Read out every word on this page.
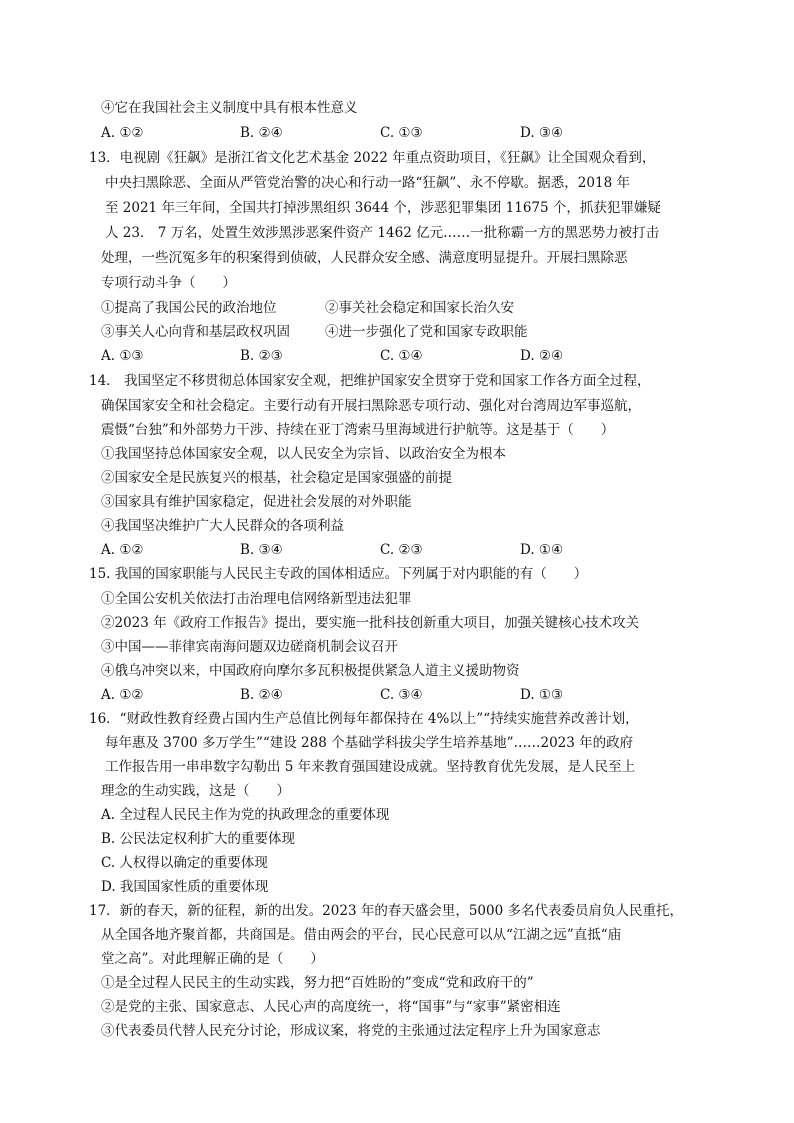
④它在我国社会主义制度中具有根本性意义
A. ①②	B. ②④	C. ①③	D. ③④
13．电视剧《狂飙》是浙江省文化艺术基金 2022 年重点资助项目，《狂飙》让全国观众看到，
中央扫黑除恶、全面从严管党治警的决心和行动一路“狂飙”、永不停歇。据悉，2018 年
至 2021 年三年间，全国共打掉涉黑组织 3644 个，涉恶犯罪集团 11675 个，抓获犯罪嫌疑
人 23． 7 万名，处置生效涉黑涉恶案件资产 1462 亿元……一批称霸一方的黑恶势力被打击
处理，一些沉冤多年的积案得到侦破，人民群众安全感、满意度明显提升。开展扫黑除恶
专项行动斗争（　　）
①提高了我国公民的政治地位	②事关社会稳定和国家长治久安
③事关人心向背和基层政权巩固	④进一步强化了党和国家专政职能
A. ①③	B. ②③	C. ①④	D. ②④
14． 我国坚定不移贯彻总体国家安全观，把维护国家安全贯穿于党和国家工作各方面全过程，
确保国家安全和社会稳定。主要行动有开展扫黑除恶专项行动、强化对台湾周边军事巡航，
震慑“台独”和外部势力干涉、持续在亚丁湾索马里海域进行护航等。这是基于（　　）
①我国坚持总体国家安全观，以人民安全为宗旨、以政治安全为根本
②国家安全是民族复兴的根基，社会稳定是国家强盛的前提
③国家具有维护国家稳定，促进社会发展的对外职能
④我国坚决维护广大人民群众的各项利益
A. ①②	B. ③④	C. ②③	D. ①④
15. 我国的国家职能与人民民主专政的国体相适应。下列属于对内职能的有（　　）
①全国公安机关依法打击治理电信网络新型违法犯罪
②2023 年《政府工作报告》提出，要实施一批科技创新重大项目，加强关键核心技术攻关
③中国——菲律宾南海问题双边磋商机制会议召开
④俄乌冲突以来，中国政府向摩尔多瓦积极提供紧急人道主义援助物资
A. ①②	B. ②④	C. ③④	D. ①③
16．“财政性教育经费占国内生产总值比例每年都保持在 4%以上”“持续实施营养改善计划，
每年惠及 3700 多万学生”“建设 288 个基础学科拔尖学生培养基地”……2023 年的政府
工作报告用一串串数字勾勒出 5 年来教育强国建设成就。坚持教育优先发展，是人民至上
理念的生动实践，这是（　　）
A. 全过程人民民主作为党的执政理念的重要体现
B. 公民法定权利扩大的重要体现
C. 人权得以确定的重要体现
D. 我国国家性质的重要体现
17．新的春天，新的征程，新的出发。2023 年的春天盛会里，5000 多名代表委员肩负人民重托，
从全国各地齐聚首都，共商国是。借由两会的平台，民心民意可以从“江湖之远”直抵“庙
堂之高”。对此理解正确的是（　　）
①是全过程人民民主的生动实践，努力把“百姓盼的”变成“党和政府干的”
②是党的主张、国家意志、人民心声的高度统一，将“国事”与“家事”紧密相连
③代表委员代替人民充分讨论，形成议案，将党的主张通过法定程序上升为国家意志
